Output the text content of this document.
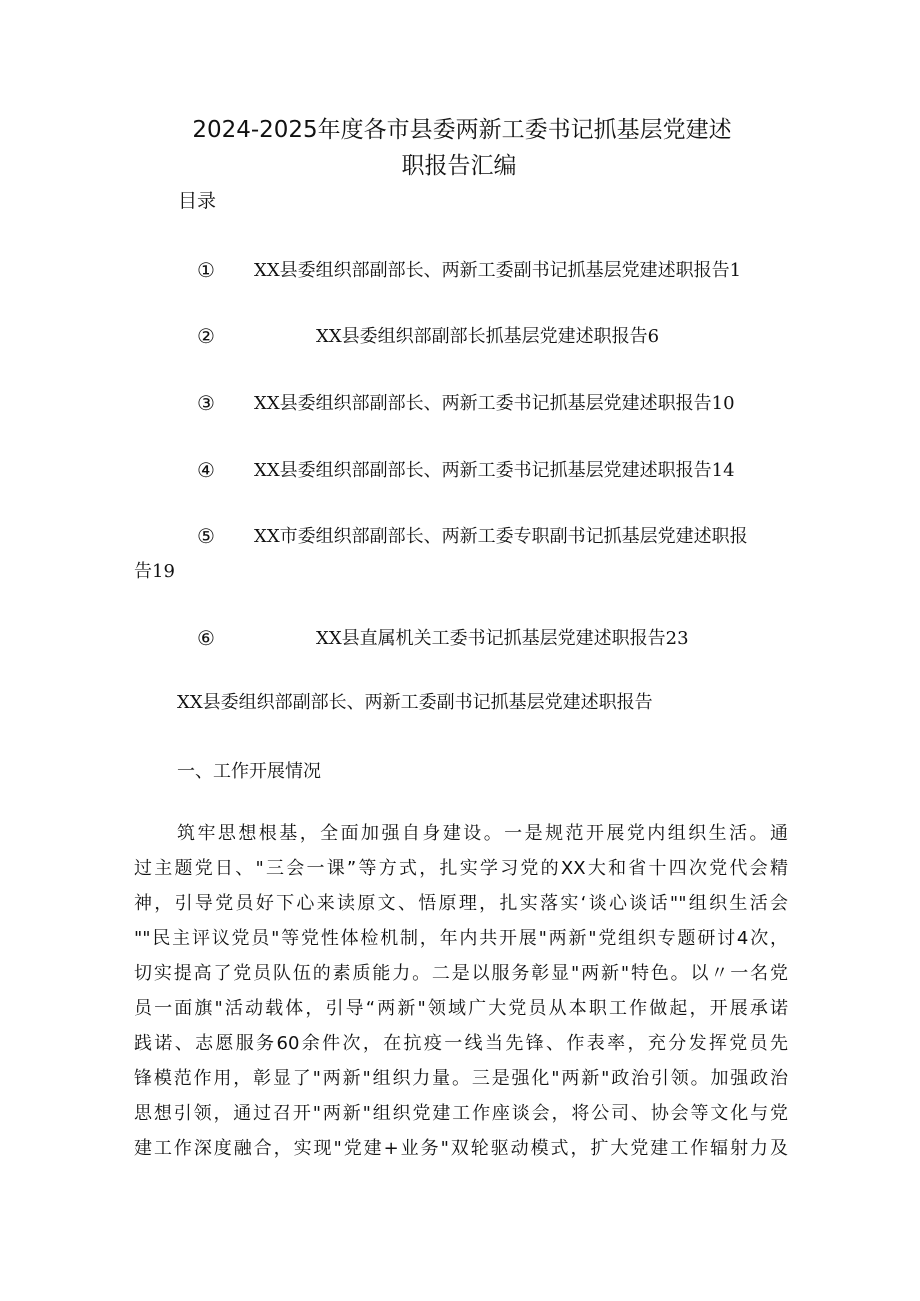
2024-2025年度各市县委两新工委书记抓基层党建述
职报告汇编
目录
① XX县委组织部副部长、两新工委副书记抓基层党建述职报告1
②	XX县委组织部副部长抓基层党建述职报告6
③ XX县委组织部副部长、两新工委书记抓基层党建述职报告10
④ XX县委组织部副部长、两新工委书记抓基层党建述职报告14
⑤ XX市委组织部副部长、两新工委专职副书记抓基层党建述职报
告19
⑥	XX县直属机关工委书记抓基层党建述职报告23
XX县委组织部副部长、两新工委副书记抓基层党建述职报告
一、工作开展情况
筑牢思想根基，全面加强自身建设。一是规范开展党内组织生活。通
过主题党日、"三会一课”等方式，扎实学习党的XX大和省十四次党代会精
神，引导党员好下心来读原文、悟原理，扎实落实‘谈心谈话""组织生活会
""民主评议党员"等党性体检机制，年内共开展"两新"党组织专题研讨4次，
切实提高了党员队伍的素质能力。二是以服务彰显"两新"特色。以〃一名党
员一面旗"活动载体，引导“两新"领域广大党员从本职工作做起，开展承诺
践诺、志愿服务60余件次，在抗疫一线当先锋、作表率，充分发挥党员先
锋模范作用，彰显了"两新"组织力量。三是强化"两新"政治引领。加强政治
思想引领，通过召开"两新"组织党建工作座谈会，将公司、协会等文化与党
建工作深度融合，实现"党建+业务"双轮驱动模式，扩大党建工作辐射力及
